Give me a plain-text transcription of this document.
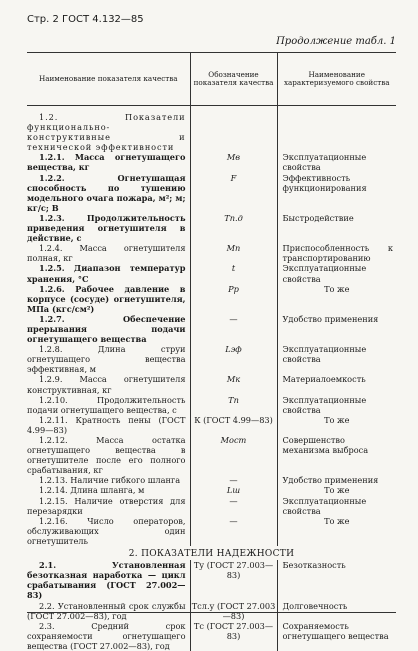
Стр. 2 ГОСТ 4.132—85
Продолжение табл. 1
Наименование показателя качества	Обозначение показателя качества	Наименование характеризуемого свойства
1.2. Показатели функционально-конструктивные и технической эффективности		
1.2.1. Масса огнетушащего вещества, кг	Мв	Эксплуатационные свойства
1.2.2. Огнетушащая способность по тушению модельного очага пожара, м²; м; кг/с; В	F	Эффективность функционирования
1.2.3. Продолжительность приведения огнетушителя в действие, с	Тп.д	Быстродействие
1.2.4. Масса огнетушителя полная, кг	Мп	Приспособленность к транспортированию
1.2.5. Диапазон температур хранения, °С	t	Эксплуатационные свойства
1.2.6. Рабочее давление в корпусе (сосуде) огнетушителя, МПа (кгс/см²)	Рр	То же
1.2.7. Обеспечение прерывания подачи огнетушащего вещества	—	Удобство применения
1.2.8. Длина струи огнетушащего вещества эффективная, м	Lэф	Эксплуатационные свойства
1.2.9. Масса огнетушителя конструктивная, кг	Мк	Материалоемкость
1.2.10. Продолжительность подачи огнетушащего вещества, с	Тп	Эксплуатационные свойства
1.2.11. Кратность пены (ГОСТ 4.99—83)	К (ГОСТ 4.99—83)	То же
1.2.12. Масса остатка огнетушащего вещества в огнетушителе после его полного срабатывания, кг	Мост	Совершенство механизма выброса
1.2.13. Наличие гибкого шланга	—	Удобство применения
1.2.14. Длина шланга, м	Lш	То же
1.2.15. Наличие отверстия для перезарядки	—	Эксплуатационные свойства
1.2.16. Число операторов, обслуживающих один огнетушитель	—	То же
2. ПОКАЗАТЕЛИ НАДЕЖНОСТИ		
2.1. Установленная безотказная наработка — цикл срабатывания (ГОСТ 27.002—83)	Ту (ГОСТ 27.003—83)	Безотказность
2.2. Установленный срок службы (ГОСТ 27.002—83), год	Тсл.у (ГОСТ 27.003—83)	Долговечность
2.3. Средний срок сохраняемости огнетушащего вещества (ГОСТ 27.002—83), год	Тс (ГОСТ 27.003—83)	Сохраняемость огнетушащего вещества
